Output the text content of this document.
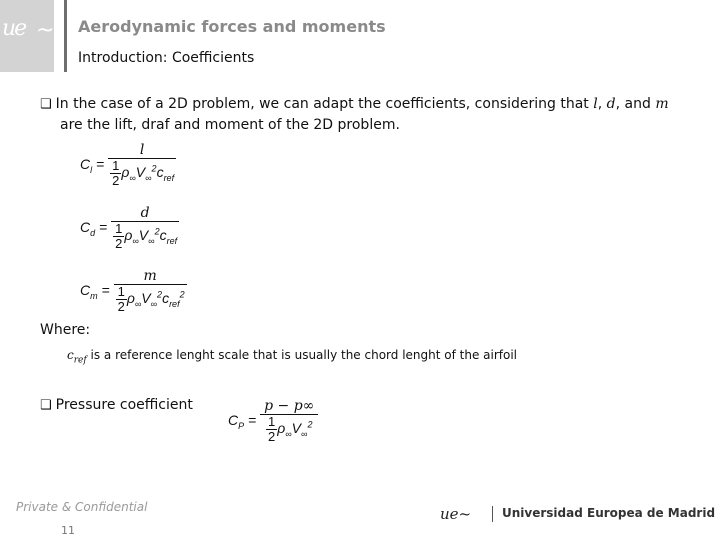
ue ~ Aerodynamic forces and moments
Introduction: Coefficients
❑ In the case of a 2D problem, we can adapt the coefficients, considering that l, d, and m
are the lift, draf and moment of the 2D problem.
$C_l = \frac{l}{\frac{1}{2} \rho_\infty V_\infty^2c_{ref}}$
$C_d = \frac{d}{\frac{1}{2} \rho_\infty V_\infty^2c_{ref}}$
$C_m = \frac{m}{\frac{1}{2} \rho_\infty V_\infty^2c_{ref}^2}$
Where:
$c_{ref}$ is a reference lenght scale that is usually the chord lenght of the airfoil
❑ Pressure coefficient
$C_P = \frac{p - p\infty}{\frac{1}{2} \rho_\infty V_\infty^2}$
Private & Confidential
11
ue~	Universidad Europea de Madrid
